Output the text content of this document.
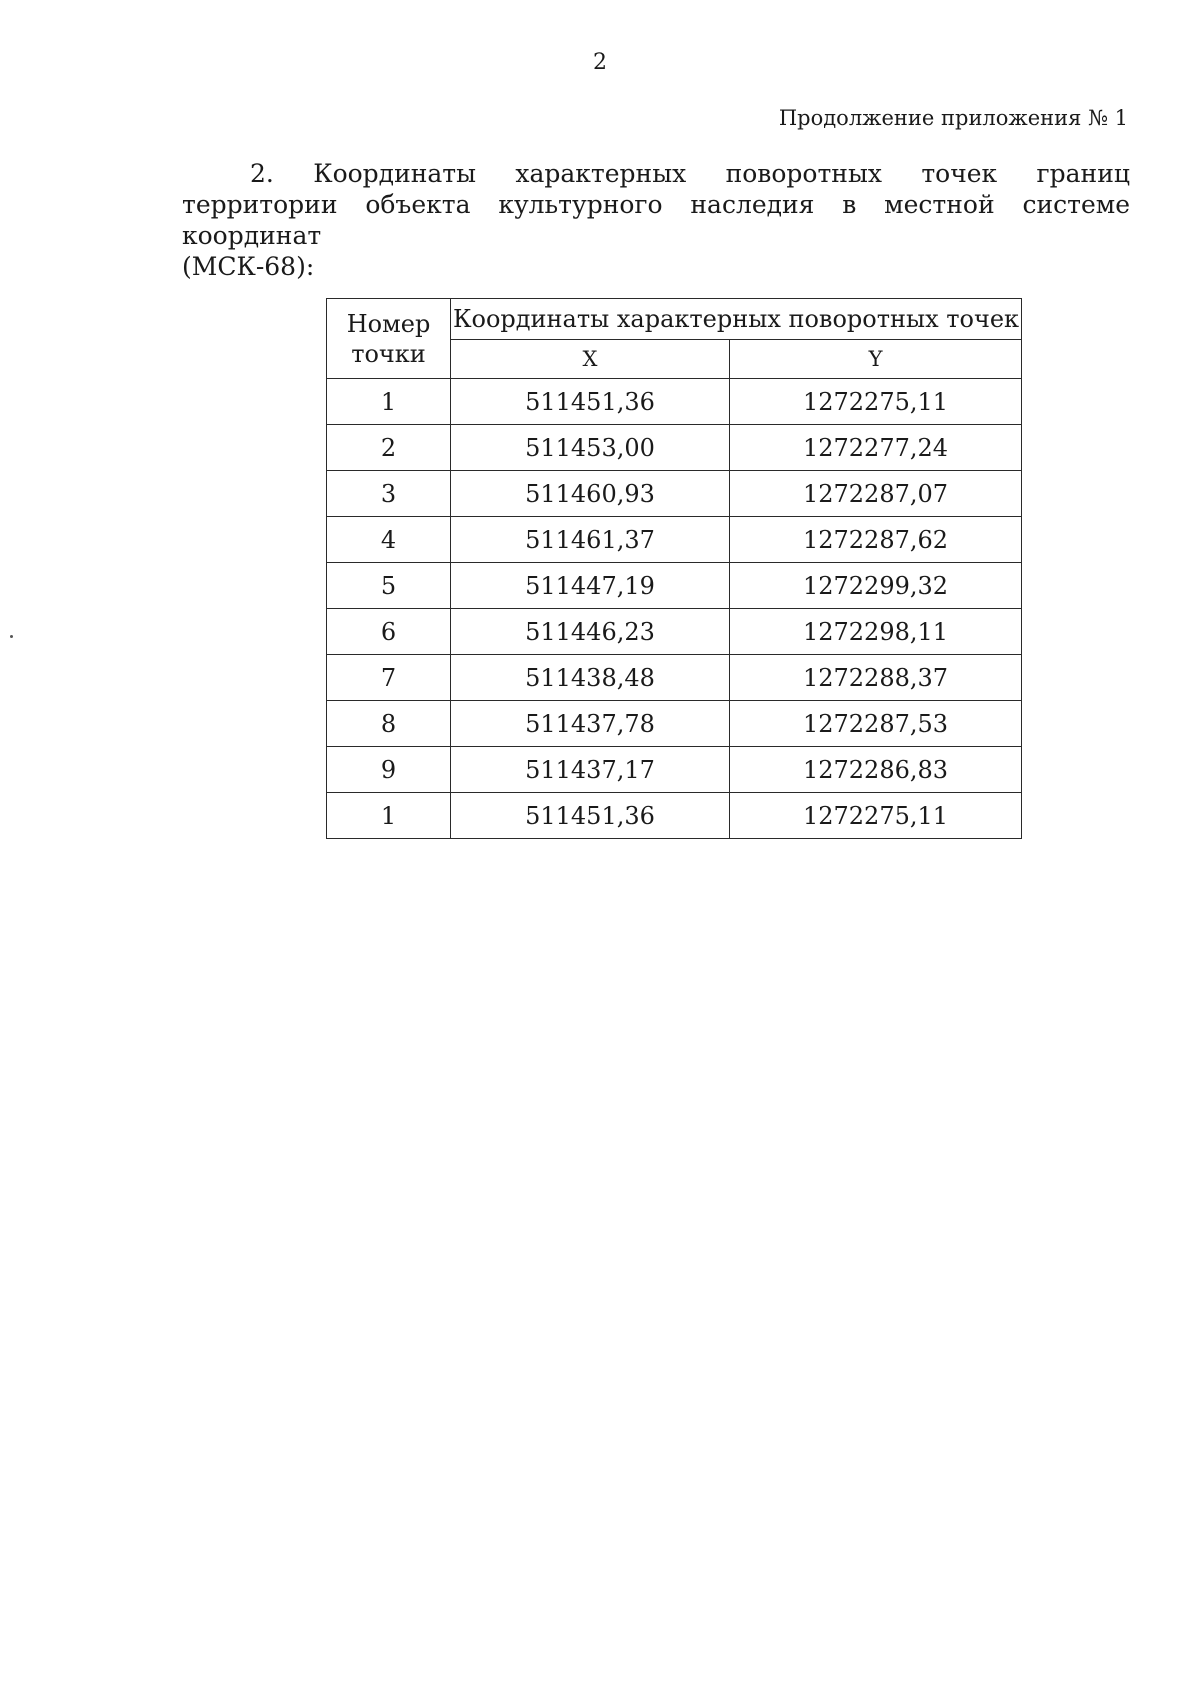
2
Продолжение приложения № 1
2. Координаты характерных поворотных точек границ
территории объекта культурного наследия в местной системе координат
(МСК-68):
Номер точки	Координаты характерных поворотных точек	
	X	Y
1	511451,36	1272275,11
2	511453,00	1272277,24
3	511460,93	1272287,07
4	511461,37	1272287,62
5	511447,19	1272299,32
6	511446,23	1272298,11
7	511438,48	1272288,37
8	511437,78	1272287,53
9	511437,17	1272286,83
1	511451,36	1272275,11
